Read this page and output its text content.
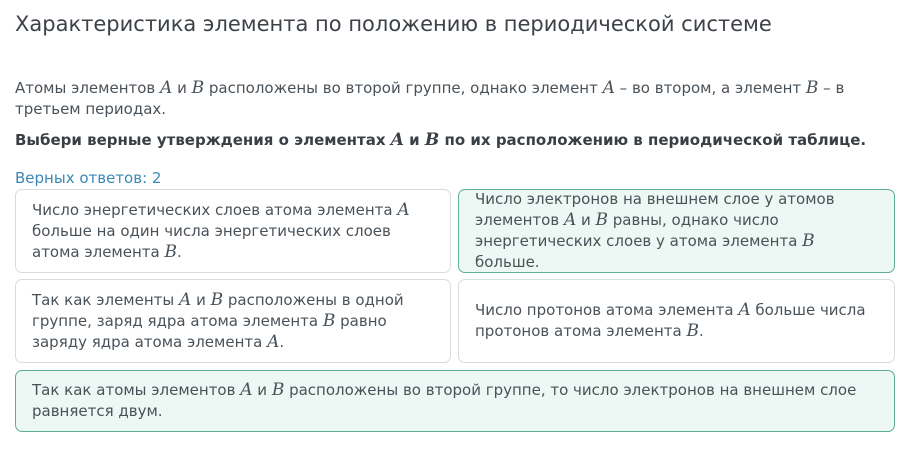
Характеристика элемента по положению в периодической системе

Атомы элементов A и B расположены во второй группе, однако элемент A – во втором, а элемент B – в третьем периодах.

Выбери верные утверждения о элементах A и B по их расположению в периодической таблице.

Верных ответов: 2
Число энергетических слоев атома элемента A больше на один числа энергетических слоев атома элемента B.
Число электронов на внешнем слое у атомов элементов A и B равны, однако число энергетических слоев у атома элемента B больше.
Так как элементы A и B расположены в одной группе, заряд ядра атома элемента B равно заряду ядра атома элемента A.
Число протонов атома элемента A больше числа протонов атома элемента B.
Так как атомы элементов A и B расположены во второй группе, то число электронов на внешнем слое равняется двум.
